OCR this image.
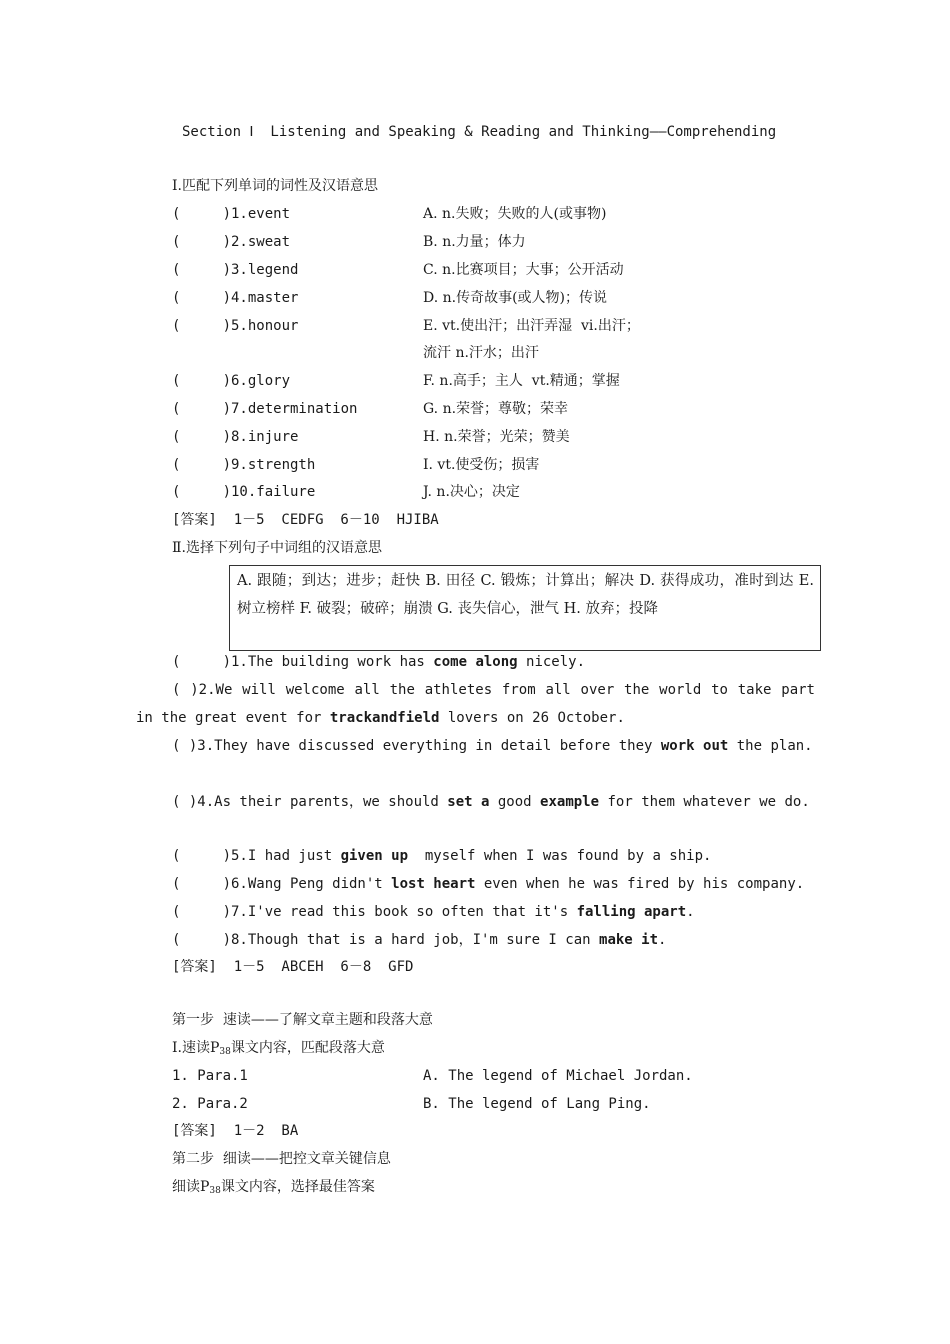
Section Ⅰ  Listening and Speaking & Reading and Thinking——Comprehending
Ⅰ.匹配下列单词的词性及汉语意思
(     )1.event	A. n.失败；失败的人(或事物)
(     )2.sweat	B. n.力量；体力
(     )3.legend	C. n.比赛项目；大事；公开活动
(     )4.master	D. n.传奇故事(或人物)；传说
(     )5.honour	E. vt.使出汗；出汗弄湿  vi.出汗；
流汗 n.汗水；出汗
(     )6.glory	F. n.高手；主人  vt.精通；掌握
(     )7.determination	G. n.荣誉；尊敬；荣幸
(     )8.injure	H. n.荣誉；光荣；赞美
(     )9.strength	I. vt.使受伤；损害
(     )10.failure	J. n.决心；决定
[答案]  1－5  CEDFG  6－10  HJIBA
Ⅱ.选择下列句子中词组的汉语意思
A. 跟随；到达；进步；赶快 B. 田径 C. 锻炼；计算出；解决 D. 获得成功，准时到达 E. 树立榜样 F. 破裂；破碎；崩溃 G. 丧失信心，泄气 H. 放弃；投降
(     )1.The building work has come along nicely.
( )2.We will welcome all the athletes from all over the world to take part in the great event for trackandfield lovers on 26 October.
( )3.They have discussed everything in detail before they work out the plan.
( )4.As their parents，we should set a good example for them whatever we do.
(     )5.I had just given up  myself when I was found by a ship.
(     )6.Wang Peng didn't lost heart even when he was fired by his company.
(     )7.I've read this book so often that it's falling apart.
(     )8.Though that is a hard job，I'm sure I can make it.
[答案]  1－5  ABCEH  6－8  GFD
第一步  速读——了解文章主题和段落大意
Ⅰ.速读$P_{38}$课文内容，匹配段落大意
1. Para.1	A. The legend of Michael Jordan.
2. Para.2	B. The legend of Lang Ping.
[答案]  1－2  BA
第二步  细读——把控文章关键信息
细读$P_{38}$课文内容，选择最佳答案
